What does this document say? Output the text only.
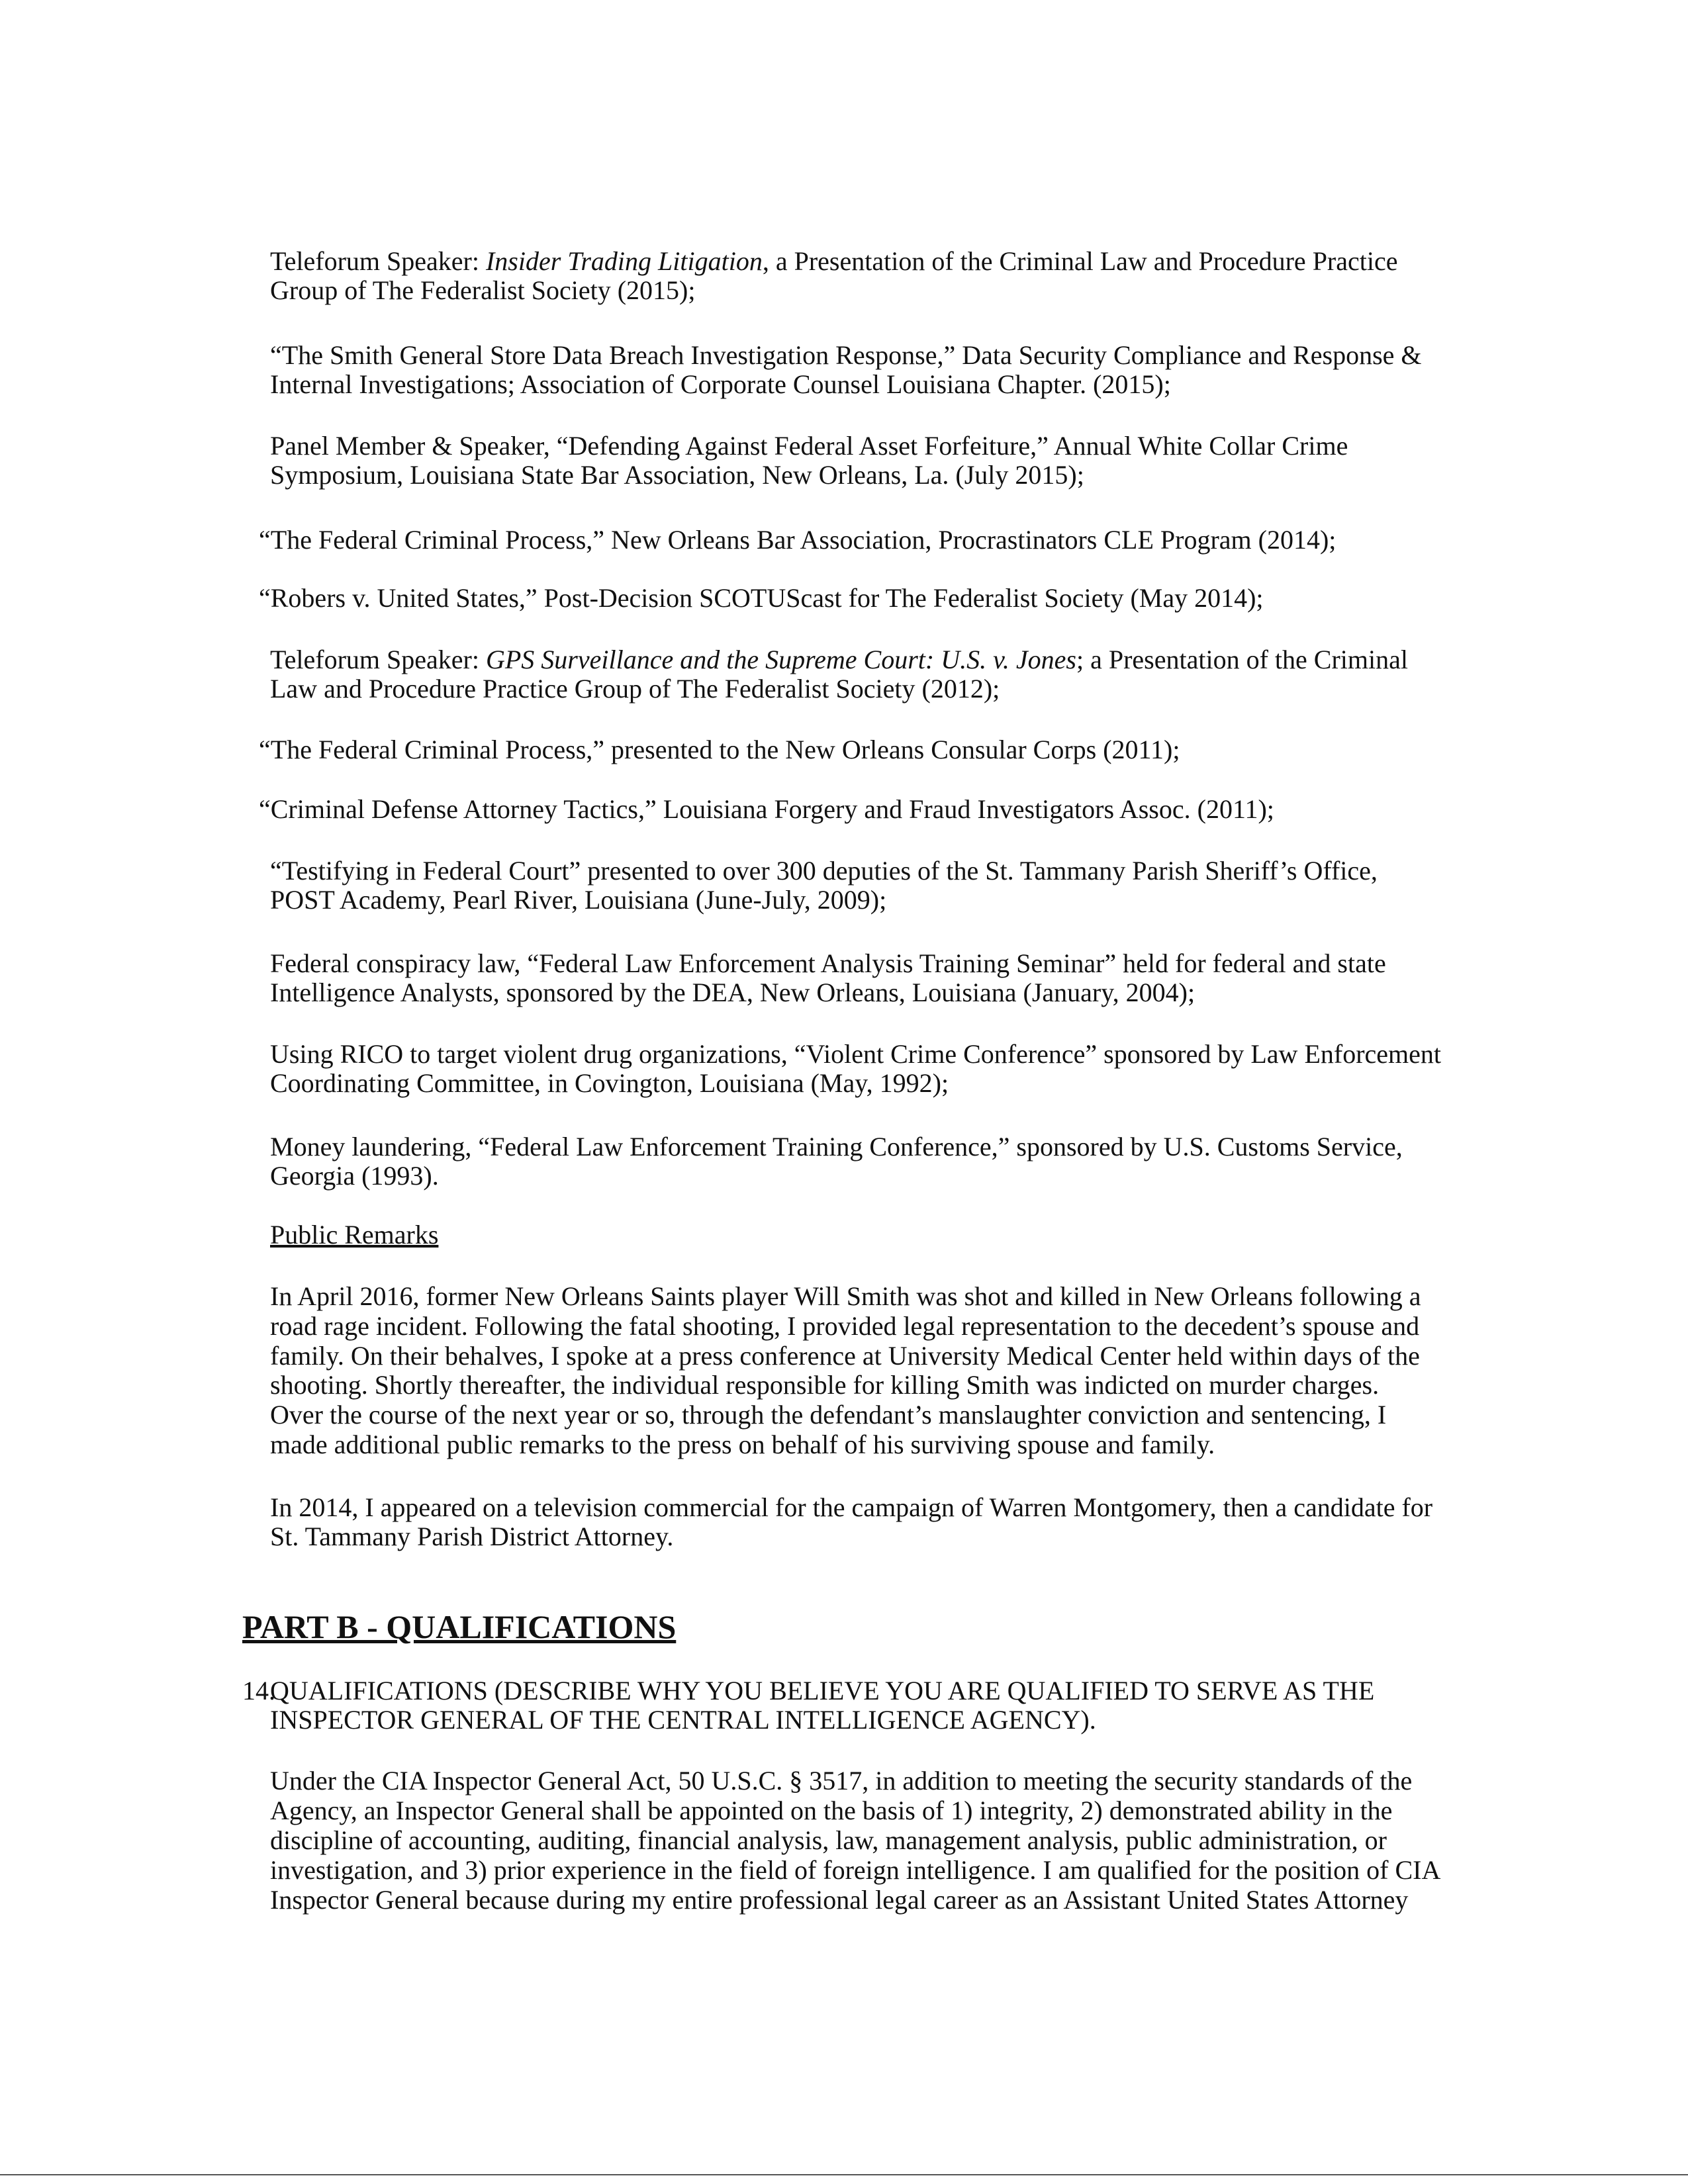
Teleforum Speaker: Insider Trading Litigation, a Presentation of the Criminal Law and Procedure Practice
Group of The Federalist Society (2015);
“The Smith General Store Data Breach Investigation Response,” Data Security Compliance and Response &
Internal Investigations; Association of Corporate Counsel Louisiana Chapter. (2015);
Panel Member & Speaker, “Defending Against Federal Asset Forfeiture,” Annual White Collar Crime
Symposium, Louisiana State Bar Association, New Orleans, La. (July 2015);
“The Federal Criminal Process,” New Orleans Bar Association, Procrastinators CLE Program (2014);
“Robers v. United States,” Post-Decision SCOTUScast for The Federalist Society (May 2014);
Teleforum Speaker: GPS Surveillance and the Supreme Court: U.S. v. Jones; a Presentation of the Criminal
Law and Procedure Practice Group of The Federalist Society (2012);
“The Federal Criminal Process,” presented to the New Orleans Consular Corps (2011);
“Criminal Defense Attorney Tactics,” Louisiana Forgery and Fraud Investigators Assoc. (2011);
“Testifying in Federal Court” presented to over 300 deputies of the St. Tammany Parish Sheriff’s Office,
POST Academy, Pearl River, Louisiana (June-July, 2009);
Federal conspiracy law, “Federal Law Enforcement Analysis Training Seminar” held for federal and state
Intelligence Analysts, sponsored by the DEA, New Orleans, Louisiana (January, 2004);
Using RICO to target violent drug organizations, “Violent Crime Conference” sponsored by Law Enforcement
Coordinating Committee, in Covington, Louisiana (May, 1992);
Money laundering, “Federal Law Enforcement Training Conference,” sponsored by U.S. Customs Service,
Georgia (1993).
Public Remarks
In April 2016, former New Orleans Saints player Will Smith was shot and killed in New Orleans following a
road rage incident. Following the fatal shooting, I provided legal representation to the decedent’s spouse and
family. On their behalves, I spoke at a press conference at University Medical Center held within days of the
shooting. Shortly thereafter, the individual responsible for killing Smith was indicted on murder charges.
Over the course of the next year or so, through the defendant’s manslaughter conviction and sentencing, I
made additional public remarks to the press on behalf of his surviving spouse and family.
In 2014, I appeared on a television commercial for the campaign of Warren Montgomery, then a candidate for
St. Tammany Parish District Attorney.
PART B - QUALIFICATIONS
14.
QUALIFICATIONS (DESCRIBE WHY YOU BELIEVE YOU ARE QUALIFIED TO SERVE AS THE
INSPECTOR GENERAL OF THE CENTRAL INTELLIGENCE AGENCY).
Under the CIA Inspector General Act, 50 U.S.C. § 3517, in addition to meeting the security standards of the
Agency, an Inspector General shall be appointed on the basis of 1) integrity, 2) demonstrated ability in the
discipline of accounting, auditing, financial analysis, law, management analysis, public administration, or
investigation, and 3) prior experience in the field of foreign intelligence. I am qualified for the position of CIA
Inspector General because during my entire professional legal career as an Assistant United States Attorney
